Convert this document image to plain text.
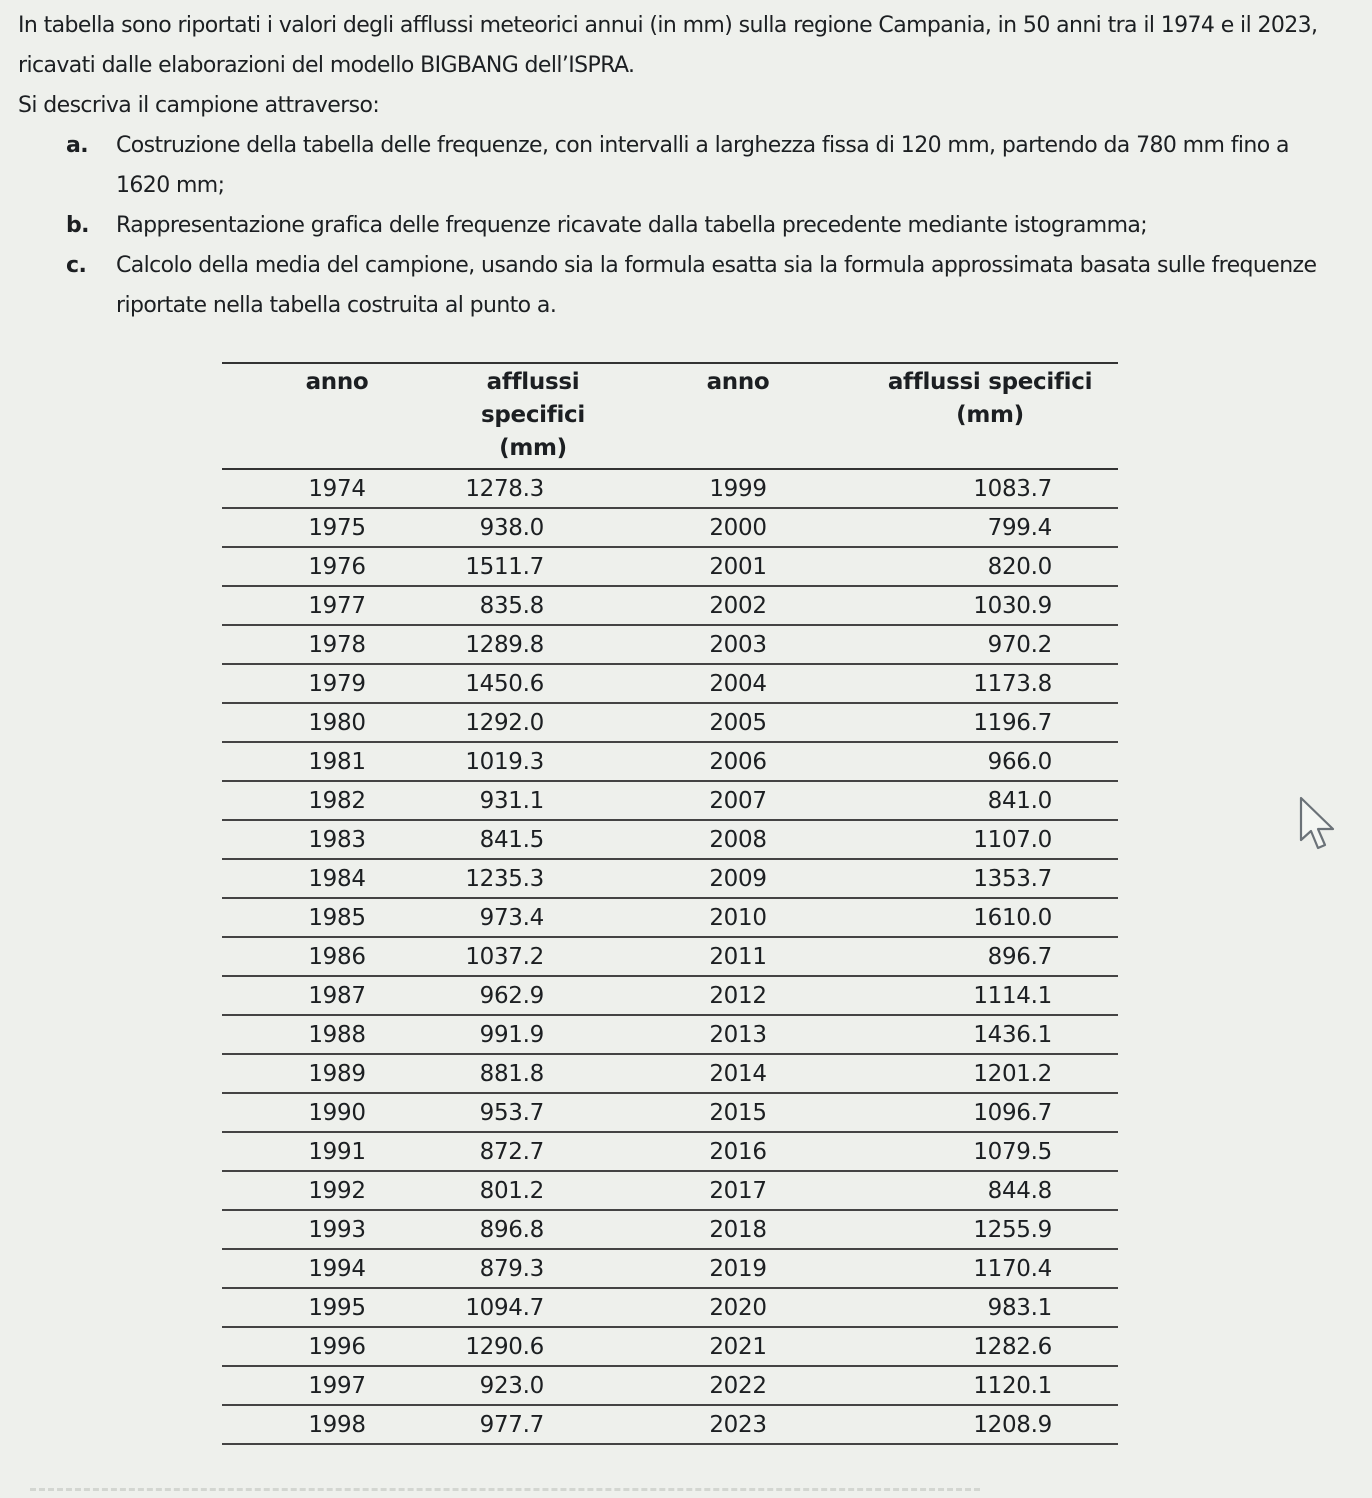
In tabella sono riportati i valori degli afflussi meteorici annui (in mm) sulla regione Campania, in 50 anni tra il 1974 e il 2023, ricavati dalle elaborazioni del modello BIGBANG dell’ISPRA.

Si descriva il campione attraverso:

a. Costruzione della tabella delle frequenze, con intervalli a larghezza fissa di 120 mm, partendo da 780 mm fino a 1620 mm;
b. Rappresentazione grafica delle frequenze ricavate dalla tabella precedente mediante istogramma;
c. Calcolo della media del campione, usando sia la formula esatta sia la formula approssimata basata sulle frequenze riportate nella tabella costruita al punto a.
anno	afflussi specifici (mm)	anno	afflussi specifici (mm)
1974	1278.3	1999	1083.7
1975	938.0	2000	799.4
1976	1511.7	2001	820.0
1977	835.8	2002	1030.9
1978	1289.8	2003	970.2
1979	1450.6	2004	1173.8
1980	1292.0	2005	1196.7
1981	1019.3	2006	966.0
1982	931.1	2007	841.0
1983	841.5	2008	1107.0
1984	1235.3	2009	1353.7
1985	973.4	2010	1610.0
1986	1037.2	2011	896.7
1987	962.9	2012	1114.1
1988	991.9	2013	1436.1
1989	881.8	2014	1201.2
1990	953.7	2015	1096.7
1991	872.7	2016	1079.5
1992	801.2	2017	844.8
1993	896.8	2018	1255.9
1994	879.3	2019	1170.4
1995	1094.7	2020	983.1
1996	1290.6	2021	1282.6
1997	923.0	2022	1120.1
1998	977.7	2023	1208.9
